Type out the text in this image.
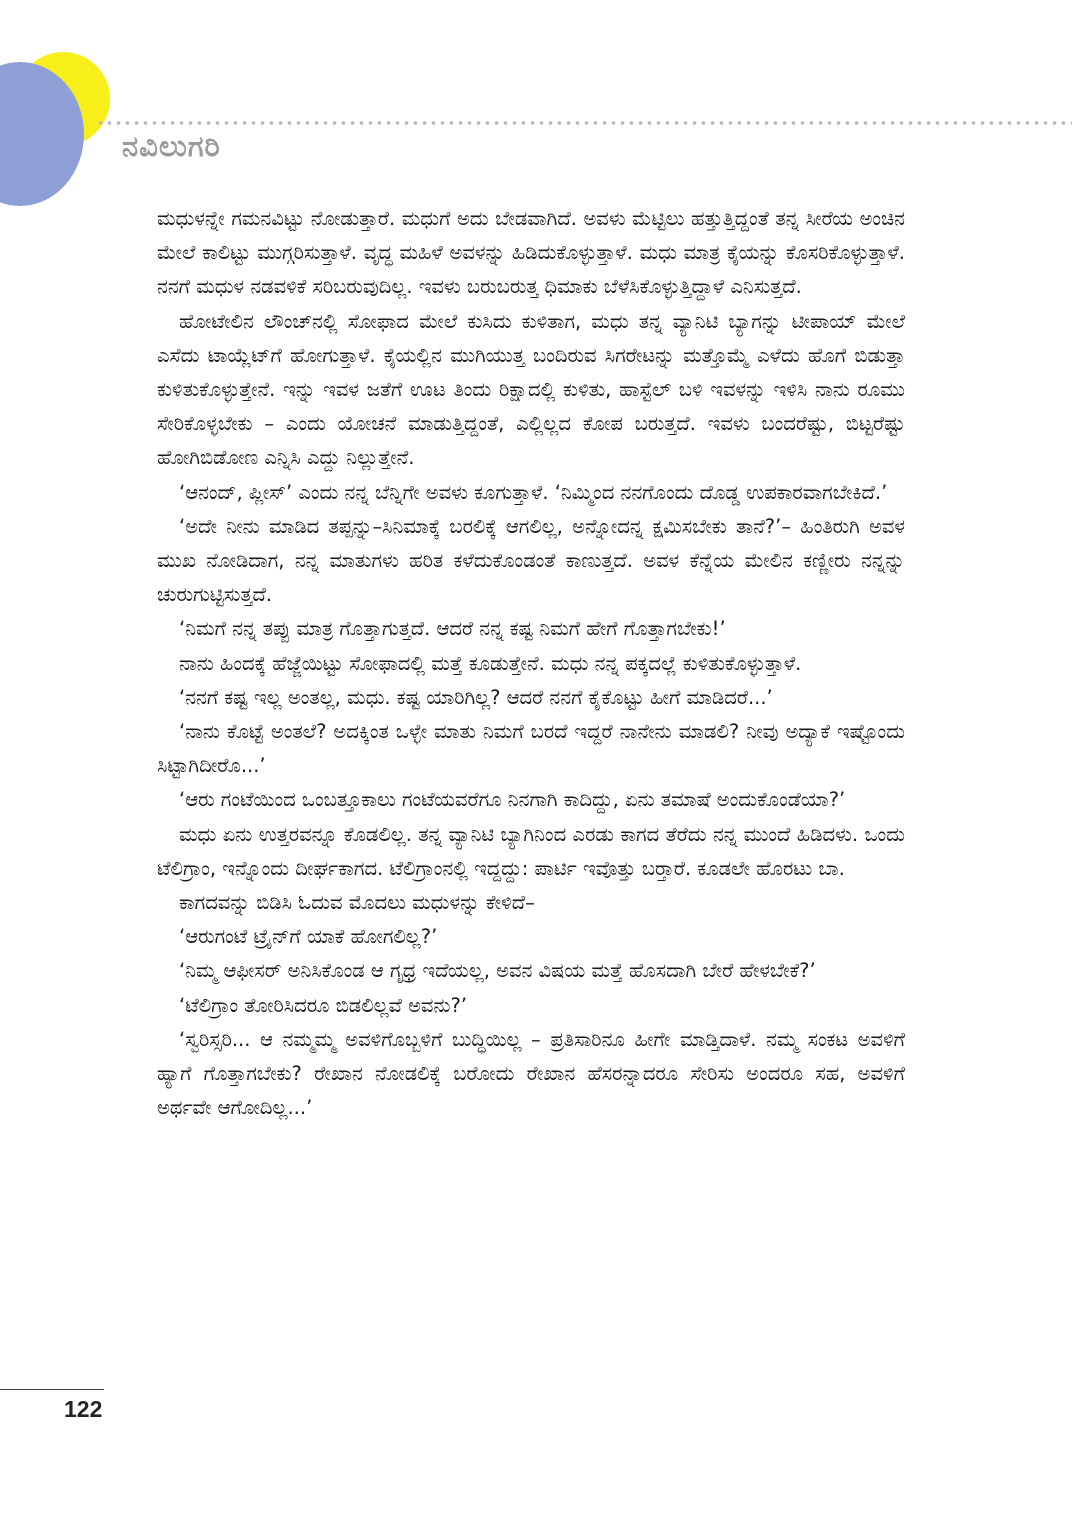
ನವಿಲುಗರಿ

ಮಧುಳನ್ನೇ ಗಮನವಿಟ್ಟು ನೋಡುತ್ತಾರೆ. ಮಧುಗೆ ಅದು ಬೇಡವಾಗಿದೆ. ಅವಳು ಮೆಟ್ಟಿಲು ಹತ್ತುತ್ತಿದ್ದಂತೆ ತನ್ನ ಸೀರೆಯ ಅಂಚಿನ ಮೇಲೆ ಕಾಲಿಟ್ಟು ಮುಗ್ಗರಿಸುತ್ತಾಳೆ. ವೃದ್ಧ ಮಹಿಳೆ ಅವಳನ್ನು ಹಿಡಿದುಕೊಳ್ಳುತ್ತಾಳೆ. ಮಧು ಮಾತ್ರ ಕೈಯನ್ನು ಕೊಸರಿಕೊಳ್ಳುತ್ತಾಳೆ. ನನಗೆ ಮಧುಳ ನಡವಳಿಕೆ ಸರಿಬರುವುದಿಲ್ಲ. ಇವಳು ಬರುಬರುತ್ತ ಧಿಮಾಕು ಬೆಳೆಸಿಕೊಳ್ಳುತ್ತಿದ್ದಾಳೆ ಎನಿಸುತ್ತದೆ.

ಹೋಟೇಲಿನ ಲೌಂಚ್‌ನಲ್ಲಿ ಸೋಫಾದ ಮೇಲೆ ಕುಸಿದು ಕುಳಿತಾಗ, ಮಧು ತನ್ನ ವ್ಯಾನಿಟಿ ಬ್ಯಾಗನ್ನು ಟೀಪಾಯ್ ಮೇಲೆ ಎಸೆದು ಟಾಯ್ಲೆಟ್‌ಗೆ ಹೋಗುತ್ತಾಳೆ. ಕೈಯಲ್ಲಿನ ಮುಗಿಯುತ್ತ ಬಂದಿರುವ ಸಿಗರೇಟನ್ನು ಮತ್ತೊಮ್ಮೆ ಎಳೆದು ಹೊಗೆ ಬಿಡುತ್ತಾ ಕುಳಿತುಕೊಳ್ಳುತ್ತೇನೆ. ಇನ್ನು ಇವಳ ಜತೆಗೆ ಊಟ ತಿಂದು ರಿಕ್ಷಾದಲ್ಲಿ ಕುಳಿತು, ಹಾಸ್ಟೆಲ್ ಬಳಿ ಇವಳನ್ನು ಇಳಿಸಿ ನಾನು ರೂಮು ಸೇರಿಕೊಳ್ಳಬೇಕು – ಎಂದು ಯೋಚನೆ ಮಾಡುತ್ತಿದ್ದಂತೆ, ಎಲ್ಲಿಲ್ಲದ ಕೋಪ ಬರುತ್ತದೆ. ಇವಳು ಬಂದರೆಷ್ಟು, ಬಿಟ್ಟರೆಷ್ಟು ಹೋಗಿಬಿಡೋಣ ಎನ್ನಿಸಿ ಎದ್ದು ನಿಲ್ಲುತ್ತೇನೆ.

‘ಆನಂದ್, ಪ್ಲೀಸ್’ ಎಂದು ನನ್ನ ಬೆನ್ನಿಗೇ ಅವಳು ಕೂಗುತ್ತಾಳೆ. ‘ನಿಮ್ಮಿಂದ ನನಗೊಂದು ದೊಡ್ಡ ಉಪಕಾರವಾಗಬೇಕಿದೆ.’

‘ಅದೇ ನೀನು ಮಾಡಿದ ತಪ್ಪನ್ನು–ಸಿನಿಮಾಕ್ಕೆ ಬರಲಿಕ್ಕೆ ಆಗಲಿಲ್ಲ, ಅನ್ನೋದನ್ನ ಕ್ಷಮಿಸಬೇಕು ತಾನೆ?’– ಹಿಂತಿರುಗಿ ಅವಳ ಮುಖ ನೋಡಿದಾಗ, ನನ್ನ ಮಾತುಗಳು ಹರಿತ ಕಳೆದುಕೊಂಡಂತೆ ಕಾಣುತ್ತದೆ. ಅವಳ ಕೆನ್ನೆಯ ಮೇಲಿನ ಕಣ್ಣೀರು ನನ್ನನ್ನು ಚುರುಗುಟ್ಟಿಸುತ್ತದೆ.

‘ನಿಮಗೆ ನನ್ನ ತಪ್ಪು ಮಾತ್ರ ಗೊತ್ತಾಗುತ್ತದೆ. ಆದರೆ ನನ್ನ ಕಷ್ಟ ನಿಮಗೆ ಹೇಗೆ ಗೊತ್ತಾಗಬೇಕು!’

ನಾನು ಹಿಂದಕ್ಕೆ ಹೆಜ್ಜೆಯಿಟ್ಟು ಸೋಫಾದಲ್ಲಿ ಮತ್ತೆ ಕೂಡುತ್ತೇನೆ. ಮಧು ನನ್ನ ಪಕ್ಕದಲ್ಲೆ ಕುಳಿತುಕೊಳ್ಳುತ್ತಾಳೆ.

‘ನನಗೆ ಕಷ್ಟ ಇಲ್ಲ ಅಂತಲ್ಲ, ಮಧು. ಕಷ್ಟ ಯಾರಿಗಿಲ್ಲ? ಆದರೆ ನನಗೆ ಕೈಕೊಟ್ಟು ಹೀಗೆ ಮಾಡಿದರೆ...’

‘ನಾನು ಕೊಟ್ಟೆ ಅಂತಲೆ? ಅದಕ್ಕಿಂತ ಒಳ್ಳೇ ಮಾತು ನಿಮಗೆ ಬರದೆ ಇದ್ದರೆ ನಾನೇನು ಮಾಡಲಿ? ನೀವು ಅದ್ಯಾಕೆ ಇಷ್ಟೊಂದು ಸಿಟ್ಟಾಗಿದೀರೊ...’

‘ಆರು ಗಂಟೆಯಿಂದ ಒಂಬತ್ತೂಕಾಲು ಗಂಟೆಯವರೆಗೂ ನಿನಗಾಗಿ ಕಾದಿದ್ದು, ಏನು ತಮಾಷೆ ಅಂದುಕೊಂಡೆಯಾ?’

ಮಧು ಏನು ಉತ್ತರವನ್ನೂ ಕೊಡಲಿಲ್ಲ. ತನ್ನ ವ್ಯಾನಿಟಿ ಬ್ಯಾಗಿನಿಂದ ಎರಡು ಕಾಗದ ತೆರೆದು ನನ್ನ ಮುಂದೆ ಹಿಡಿದಳು. ಒಂದು ಟೆಲಿಗ್ರಾಂ, ಇನ್ನೊಂದು ದೀರ್ಘಕಾಗದ. ಟೆಲಿಗ್ರಾಂನಲ್ಲಿ ಇದ್ದದ್ದು: ಪಾರ್ಟಿ ಇವೊತ್ತು ಬರ್‍ತಾರೆ. ಕೂಡಲೇ ಹೊರಟು ಬಾ.

ಕಾಗದವನ್ನು ಬಿಡಿಸಿ ಓದುವ ಮೊದಲು ಮಧುಳನ್ನು ಕೇಳಿದೆ–

‘ಆರುಗಂಟೆ ಟ್ರೈನ್‌ಗೆ ಯಾಕೆ ಹೋಗಲಿಲ್ಲ?’

‘ನಿಮ್ಮ ಆಫೀಸರ್ ಅನಿಸಿಕೊಂಡ ಆ ಗೃಧ್ರ ಇದೆಯಲ್ಲ, ಅವನ ವಿಷಯ ಮತ್ತೆ ಹೊಸದಾಗಿ ಬೇರೆ ಹೇಳಬೇಕೆ?’

‘ಟೆಲಿಗ್ರಾಂ ತೋರಿಸಿದರೂ ಬಿಡಲಿಲ್ಲವೆ ಅವನು?’

‘ಸ್ವರಿಸ್ಸರಿ... ಆ ನಮ್ಮಮ್ಮ ಅವಳಿಗೊಬ್ಬಳಿಗೆ ಬುದ್ಧಿಯಿಲ್ಲ – ಪ್ರತಿಸಾರಿನೂ ಹೀಗೇ ಮಾಡ್ತಿದಾಳೆ. ನಮ್ಮ ಸಂಕಟ ಅವಳಿಗೆ ಹ್ಯಾಗೆ ಗೊತ್ತಾಗಬೇಕು? ರೇಖಾನ ನೋಡಲಿಕ್ಕೆ ಬರೋದು ರೇಖಾನ ಹೆಸರನ್ನಾದರೂ ಸೇರಿಸು ಅಂದರೂ ಸಹ, ಅವಳಿಗೆ ಅರ್ಥವೇ ಆಗೋದಿಲ್ಲ...’

122
